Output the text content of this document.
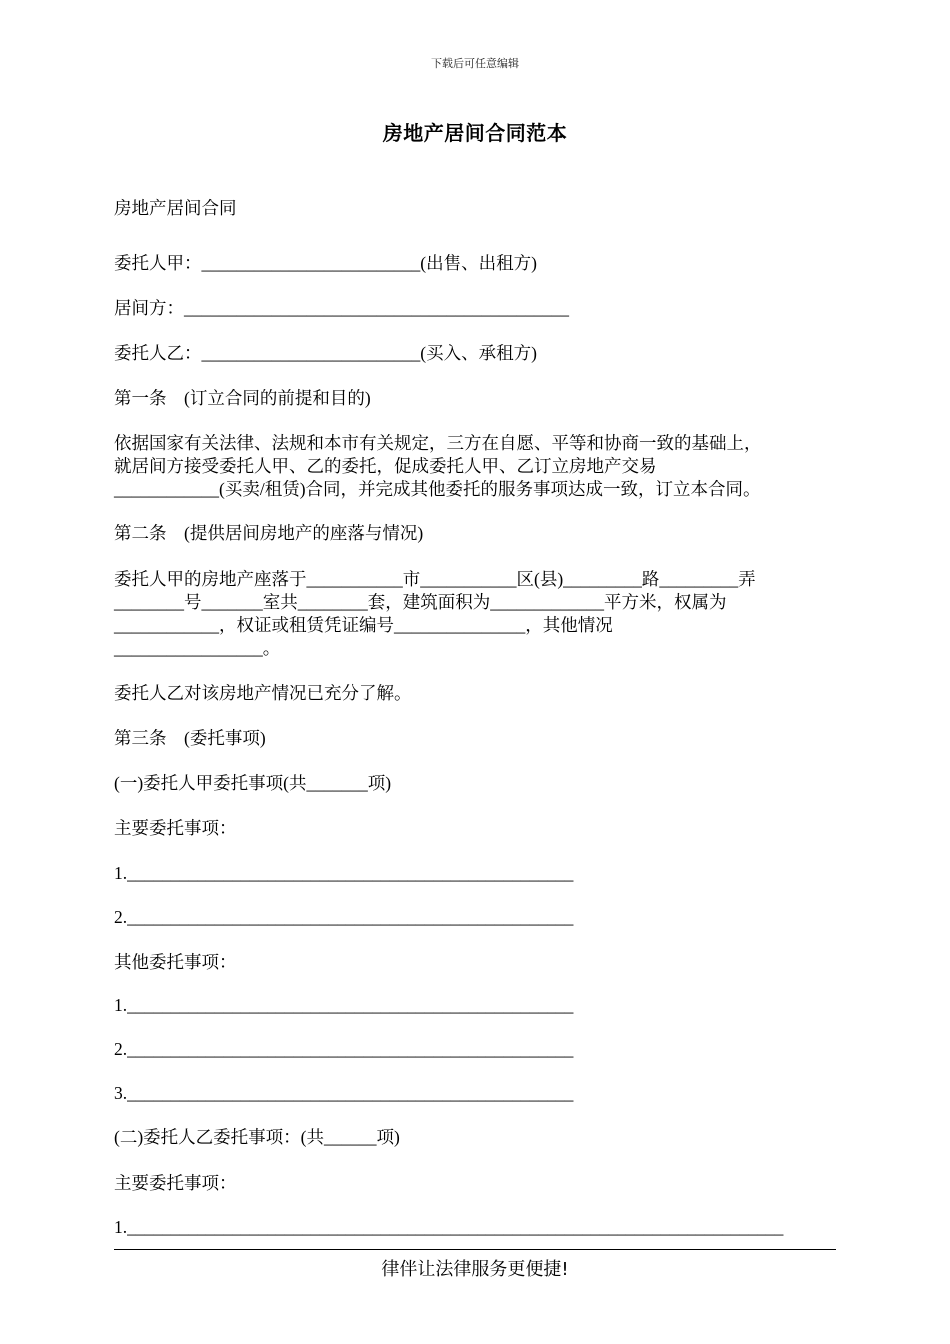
下载后可任意编辑
房地产居间合同范本
房地产居间合同
委托人甲：_________________________(出售、出租方)
居间方：____________________________________________
委托人乙：_________________________(买入、承租方)
第一条　(订立合同的前提和目的)
依据国家有关法律、法规和本市有关规定，三方在自愿、平等和协商一致的基础上，
就居间方接受委托人甲、乙的委托，促成委托人甲、乙订立房地产交易
____________(买卖/租赁)合同，并完成其他委托的服务事项达成一致，订立本合同。
第二条　(提供居间房地产的座落与情况)
委托人甲的房地产座落于___________市___________区(县)_________路_________弄
________号_______室共________套，建筑面积为_____________平方米，权属为
____________，权证或租赁凭证编号_______________，其他情况
_________________。
委托人乙对该房地产情况已充分了解。
第三条　(委托事项)
(一)委托人甲委托事项(共_______项)
主要委托事项：
1.___________________________________________________
2.___________________________________________________
其他委托事项：
1.___________________________________________________
2.___________________________________________________
3.___________________________________________________
(二)委托人乙委托事项：(共______项)
主要委托事项：
1.___________________________________________________________________________
律伴让法律服务更便捷!
